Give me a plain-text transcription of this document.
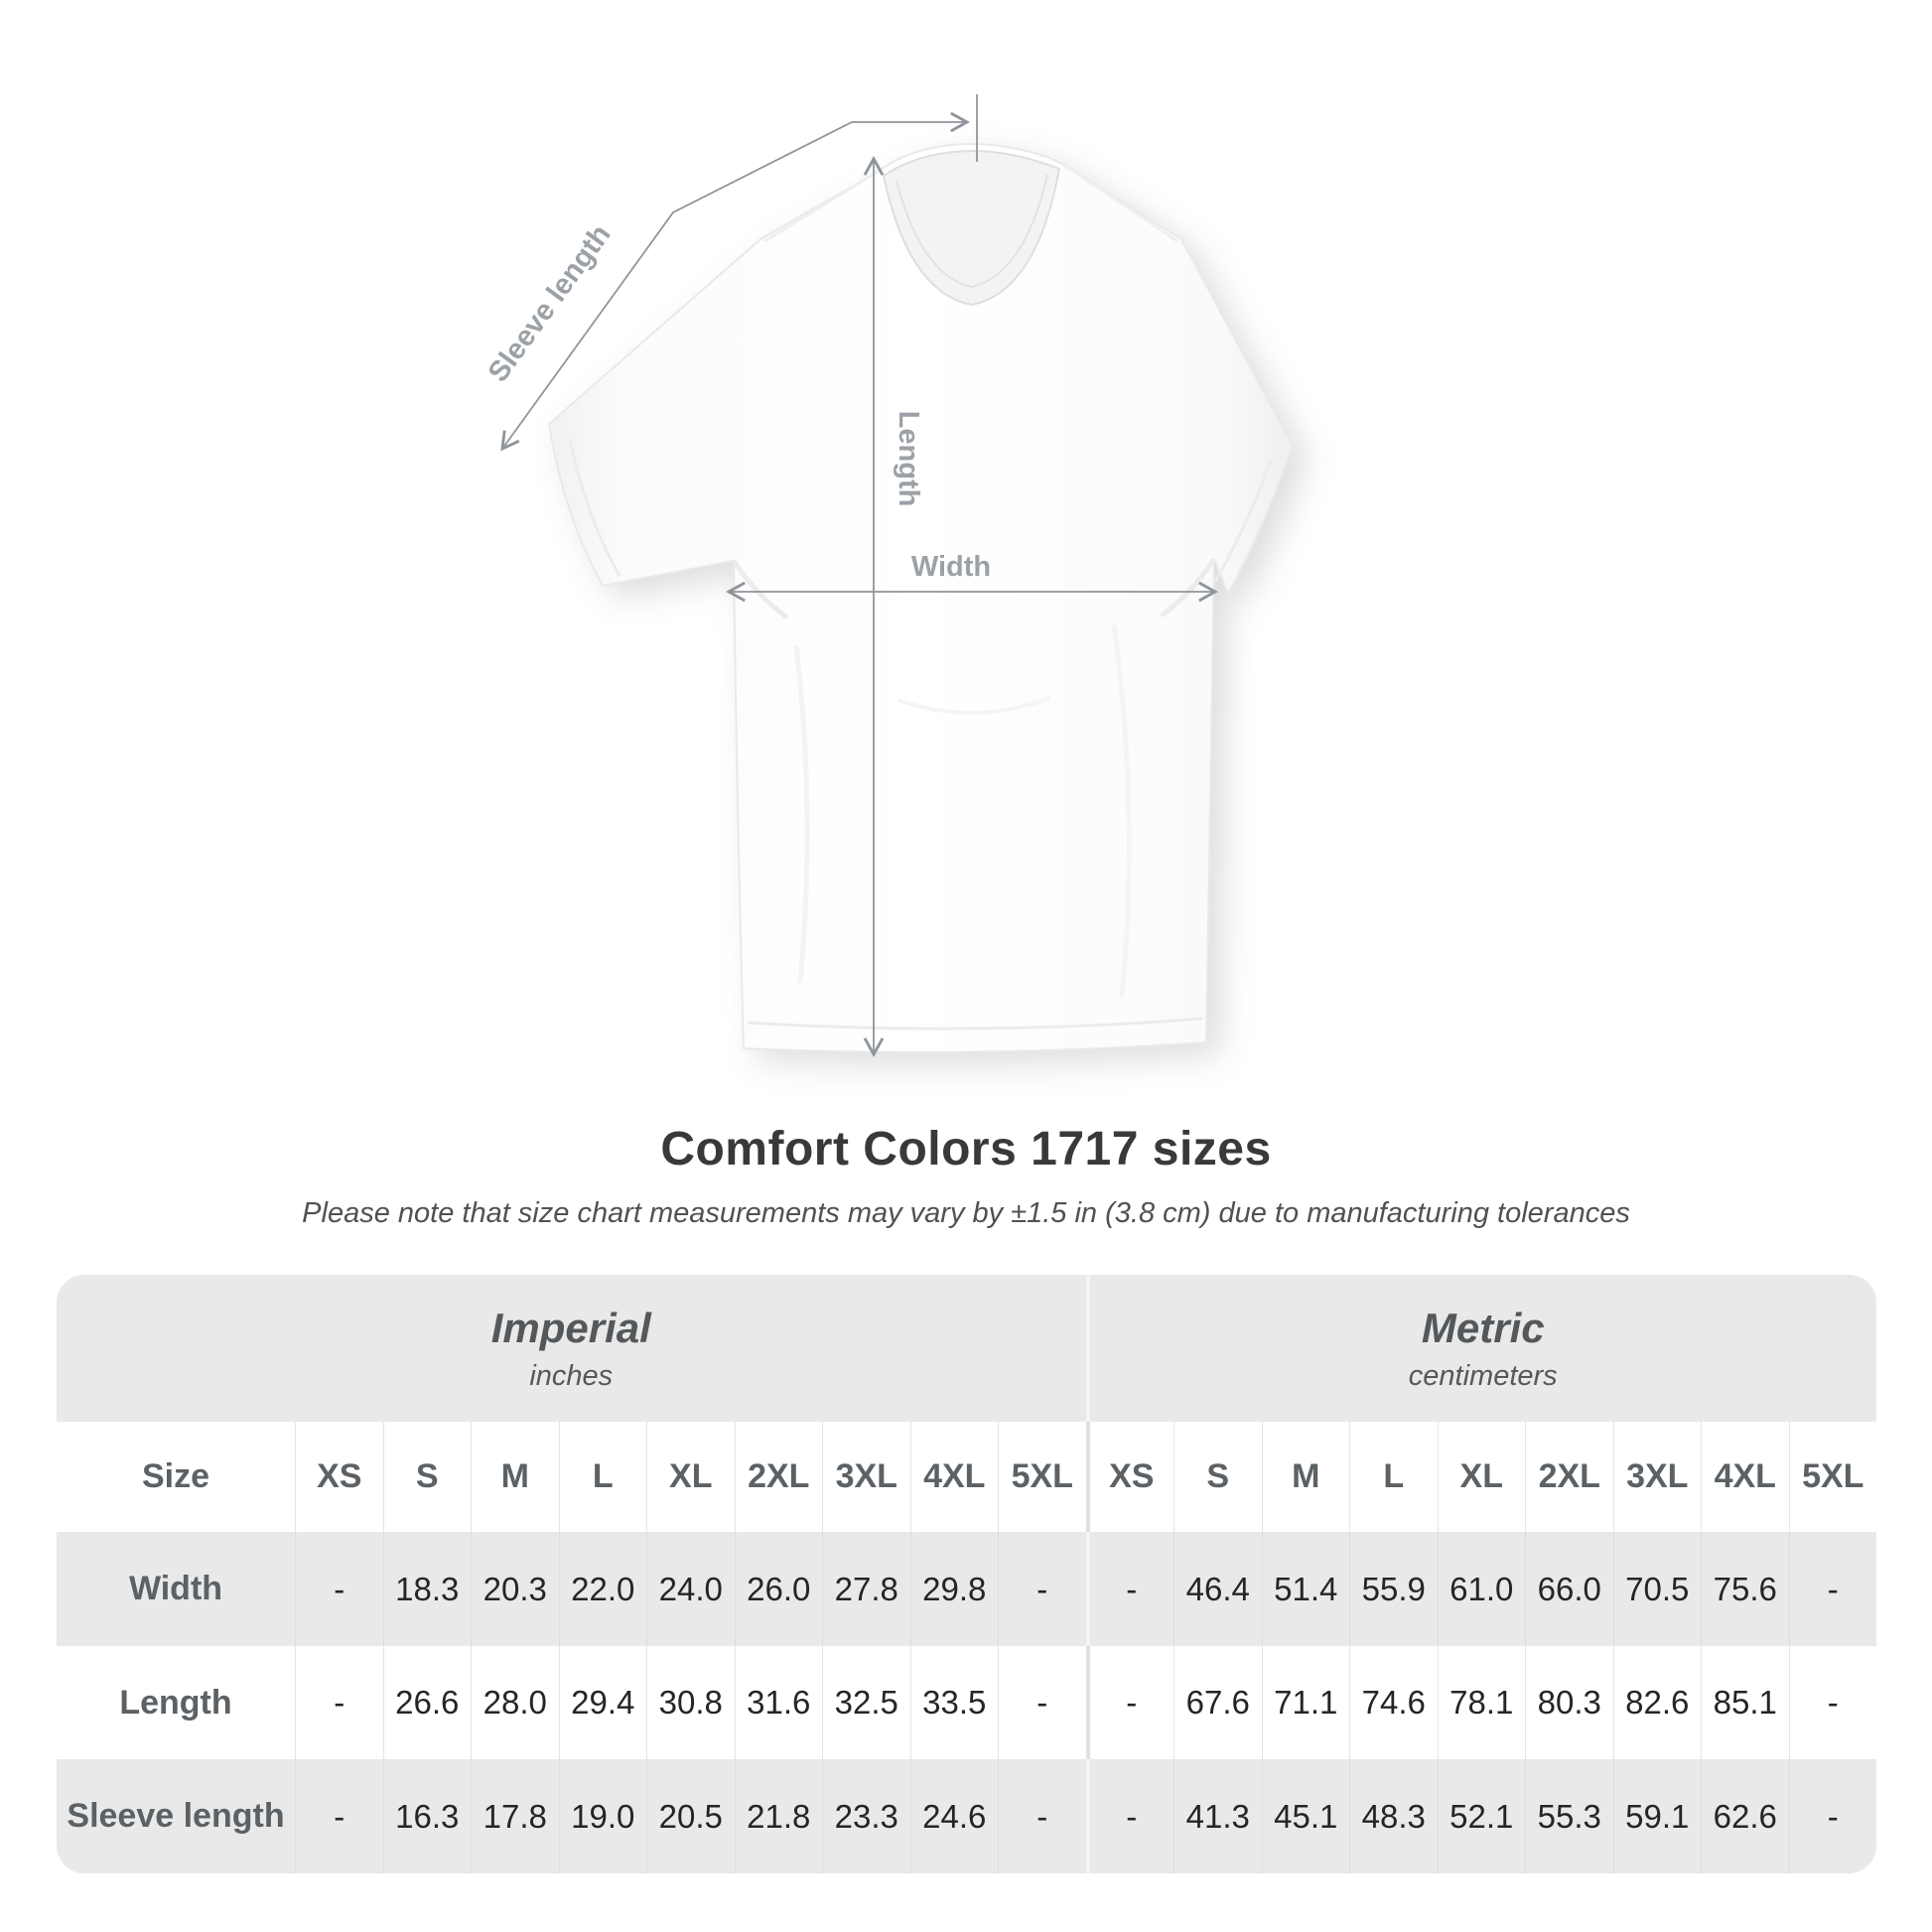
Sleeve length
Length
Width
Comfort Colors 1717 sizes

Please note that size chart measurements may vary by ±1.5 in (3.8 cm) due to manufacturing tolerances

Imperial
inches
Metric
centimeters
Size	XS	S	M	L	XL	2XL 3XL 4XL 5XL	XS	S	M	L	XL	2XL 3XL 4XL 5XL
Width	-	18.3 20.3 22.0 24.0 26.0 27.8 29.8	-	-	46.4 51.4 55.9 61.0 66.0 70.5 75.6	-
Length	-	26.6 28.0 29.4 30.8 31.6 32.5 33.5	-	-	67.6 71.1 74.6 78.1 80.3 82.6 85.1	-
Sleeve length	-	16.3 17.8 19.0 20.5 21.8 23.3 24.6	-	-	41.3 45.1 48.3 52.1 55.3 59.1 62.6	-
